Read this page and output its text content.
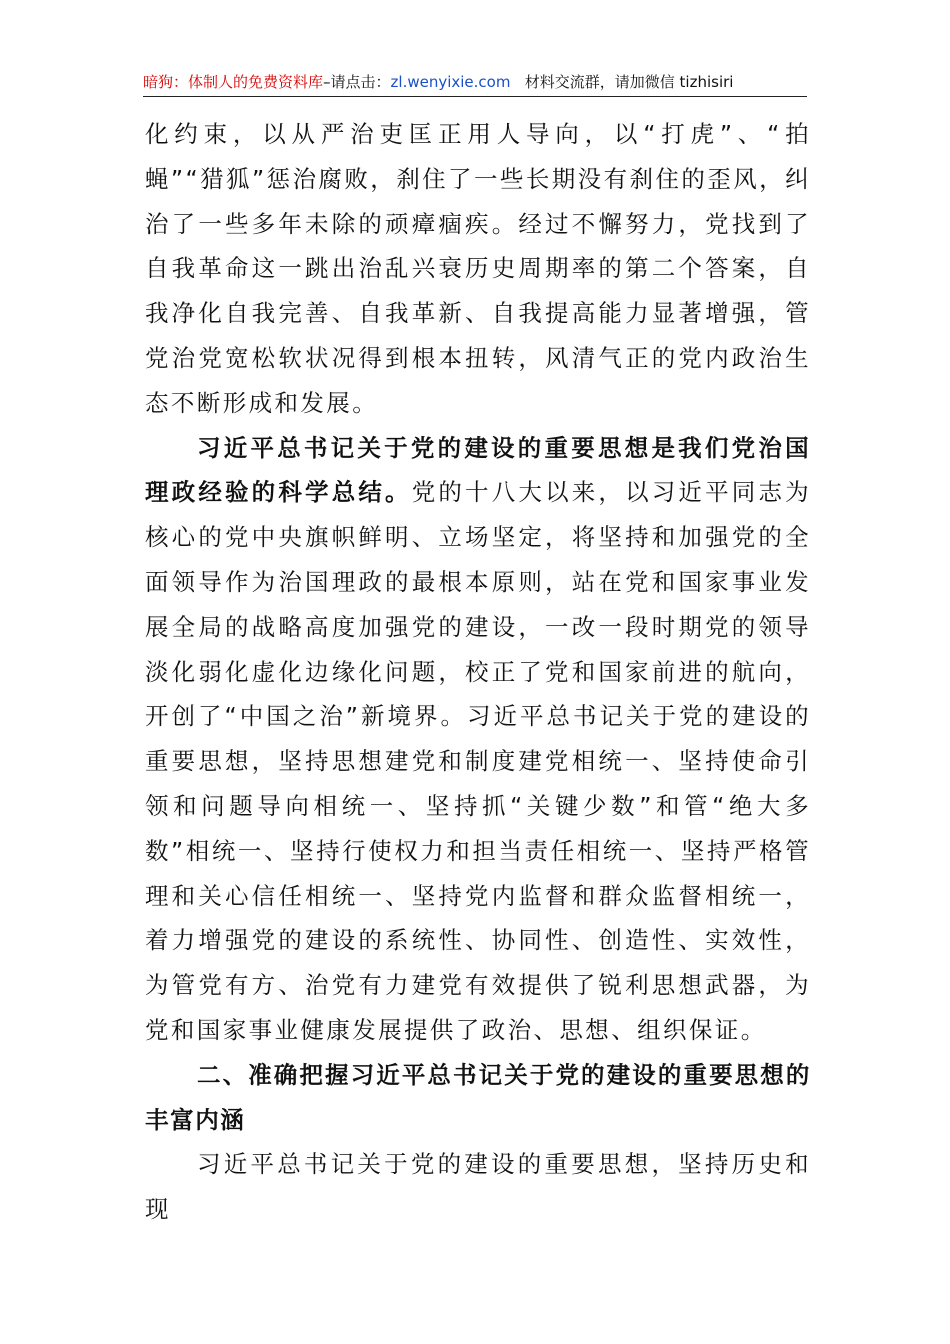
暗狗：体制人的免费资料库–请点击：zl.wenyixie.com 材料交流群，请加微信 tizhisiri

化约束，以从严治吏匡正用人导向，以“打虎”、“拍蝇”“猎狐”惩治腐败，刹住了一些长期没有刹住的歪风，纠治了一些多年未除的顽瘴痼疾。经过不懈努力，党找到了自我革命这一跳出治乱兴衰历史周期率的第二个答案，自我净化自我完善、自我革新、自我提高能力显著增强，管党治党宽松软状况得到根本扭转，风清气正的党内政治生态不断形成和发展。

习近平总书记关于党的建设的重要思想是我们党治国理政经验的科学总结。党的十八大以来，以习近平同志为核心的党中央旗帜鲜明、立场坚定，将坚持和加强党的全面领导作为治国理政的最根本原则，站在党和国家事业发展全局的战略高度加强党的建设，一改一段时期党的领导淡化弱化虚化边缘化问题，校正了党和国家前进的航向，开创了“中国之治”新境界。习近平总书记关于党的建设的重要思想，坚持思想建党和制度建党相统一、坚持使命引领和问题导向相统一、坚持抓“关键少数”和管“绝大多数”相统一、坚持行使权力和担当责任相统一、坚持严格管理和关心信任相统一、坚持党内监督和群众监督相统一，着力增强党的建设的系统性、协同性、创造性、实效性，为管党有方、治党有力建党有效提供了锐利思想武器，为党和国家事业健康发展提供了政治、思想、组织保证。

二、准确把握习近平总书记关于党的建设的重要思想的丰富内涵

习近平总书记关于党的建设的重要思想，坚持历史和现
